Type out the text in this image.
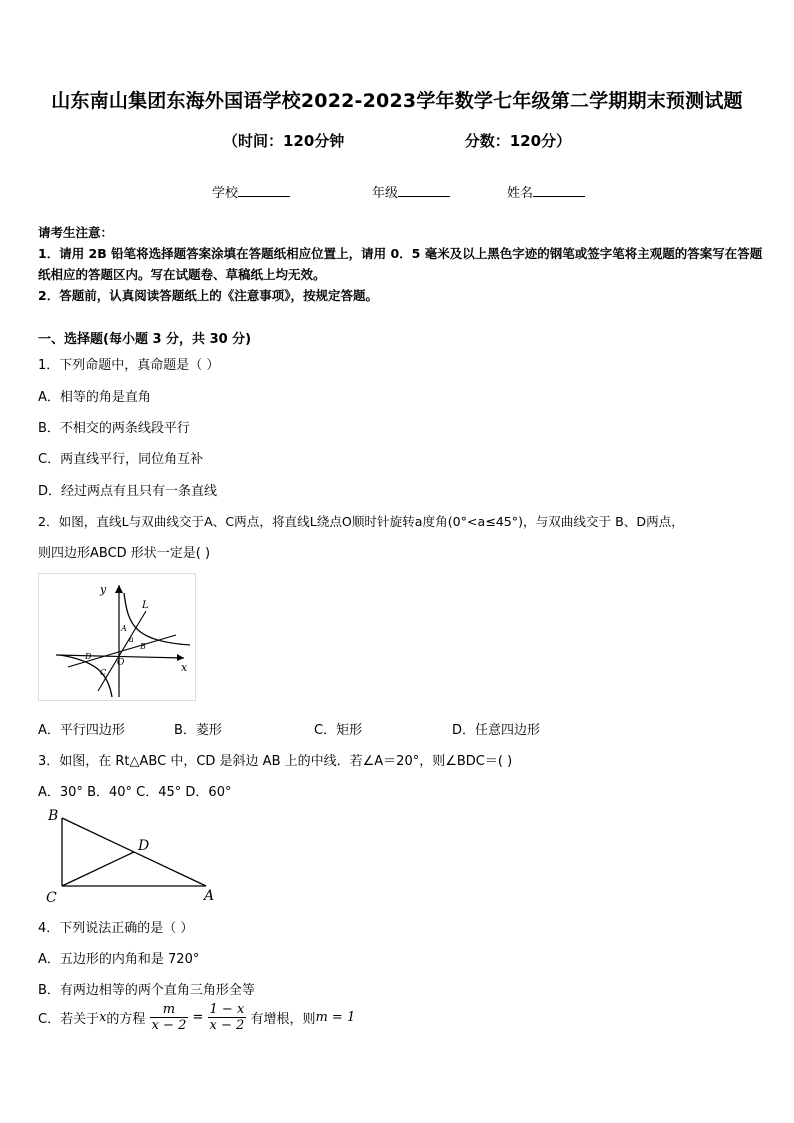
山东南山集团东海外国语学校2022-2023学年数学七年级第二学期期末预测试题
（时间：120分钟	分数：120分）
学校	年级	姓名
请考生注意：
1．请用 2B 铅笔将选择题答案涂填在答题纸相应位置上，请用 0．5 毫米及以上黑色字迹的钢笔或签字笔将主观题的答案写在答题纸相应的答题区内。写在试题卷、草稿纸上均无效。
2．答题前，认真阅读答题纸上的《注意事项》，按规定答题。
一、选择题(每小题 3 分，共 30 分)
1．下列命题中，真命题是（ ）
A．相等的角是直角
B．不相交的两条线段平行
C．两直线平行，同位角互补
D．经过两点有且只有一条直线
2．如图，直线L与双曲线交于A、C两点，将直线L绕点O顺时针旋转a度角(0°<a≤45°)，与双曲线交于 B、D两点，
则四边形ABCD 形状一定是( )
y
x
L
A
a
B
D
O
C
A．平行四边形	B．菱形	C．矩形	D．任意四边形
3．如图，在 Rt△ABC 中，CD 是斜边 AB 上的中线．若∠A＝20°，则∠BDC＝( )
A．30° B．40° C．45° D．60°
B
D
C	A
4．下列说法正确的是（ ）
A．五边形的内角和是 720°
B．有两边相等的两个直角三角形全等
C．若关于x的方程 $\frac{m}{x - 2} = \frac{1 - x}{x - 2}$ 有增根，则m = 1
